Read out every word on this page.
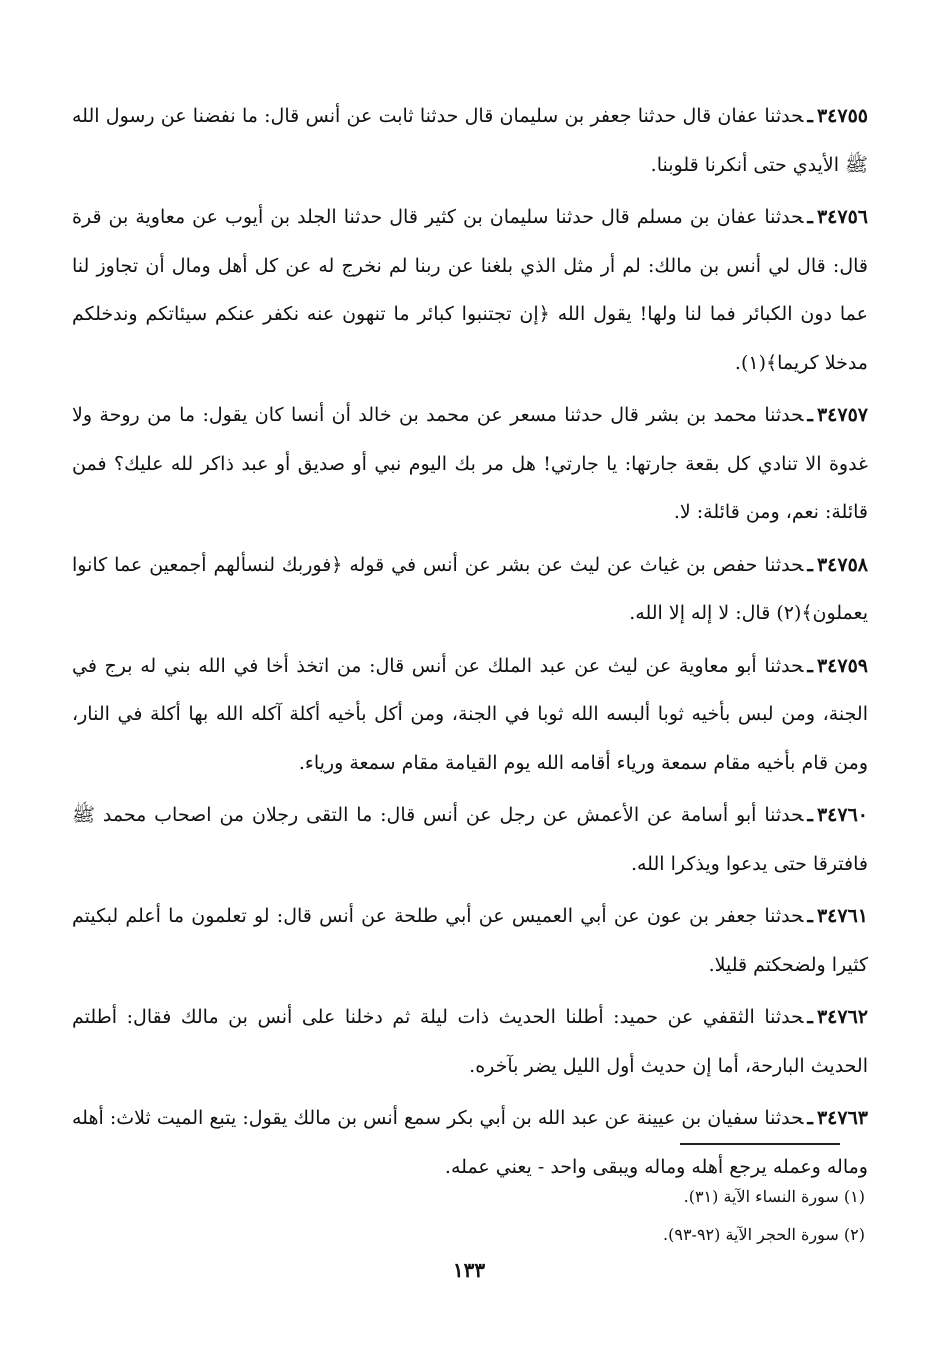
٣٤٧٥٥ـحدثنا عفان قال حدثنا جعفر بن سليمان قال حدثنا ثابت عن أنس قال: ما نفضنا عن رسول الله ﷺ الأيدي حتى أنكرنا قلوبنا.

٣٤٧٥٦ـحدثنا عفان بن مسلم قال حدثنا سليمان بن كثير قال حدثنا الجلد بن أيوب عن معاوية بن قرة قال: قال لي أنس بن مالك: لم أر مثل الذي بلغنا عن ربنا لم نخرج له عن كل أهل ومال أن تجاوز لنا عما دون الكبائر فما لنا ولها! يقول الله ﴿إن تجتنبوا كبائر ما تنهون عنه نكفر عنكم سيئاتكم وندخلكم مدخلا كريما﴾(١).

٣٤٧٥٧ـحدثنا محمد بن بشر قال حدثنا مسعر عن محمد بن خالد أن أنسا كان يقول: ما من روحة ولا غدوة الا تنادي كل بقعة جارتها: يا جارتي! هل مر بك اليوم نبي أو صديق أو عبد ذاكر لله عليك؟ فمن قائلة: نعم، ومن قائلة: لا.

٣٤٧٥٨ـحدثنا حفص بن غياث عن ليث عن بشر عن أنس في قوله ﴿فوربك لنسألهم أجمعين عما كانوا يعملون﴾(٢) قال: لا إله إلا الله.

٣٤٧٥٩ـحدثنا أبو معاوية عن ليث عن عبد الملك عن أنس قال: من اتخذ أخا في الله بني له برج في الجنة، ومن لبس بأخيه ثوبا ألبسه الله ثوبا في الجنة، ومن أكل بأخيه أكلة آكله الله بها أكلة في النار، ومن قام بأخيه مقام سمعة ورياء أقامه الله يوم القيامة مقام سمعة ورياء.

٣٤٧٦٠ـحدثنا أبو أسامة عن الأعمش عن رجل عن أنس قال: ما التقى رجلان من اصحاب محمد ﷺ فافترقا حتى يدعوا ويذكرا الله.

٣٤٧٦١ـحدثنا جعفر بن عون عن أبي العميس عن أبي طلحة عن أنس قال: لو تعلمون ما أعلم لبكيتم كثيرا ولضحكتم قليلا.

٣٤٧٦٢ـحدثنا الثقفي عن حميد: أطلنا الحديث ذات ليلة ثم دخلنا على أنس بن مالك فقال: أطلتم الحديث البارحة، أما إن حديث أول الليل يضر بآخره.

٣٤٧٦٣ـحدثنا سفيان بن عيينة عن عبد الله بن أبي بكر سمع أنس بن مالك يقول: يتبع الميت ثلاث: أهله وماله وعمله يرجع أهله وماله ويبقى واحد - يعني عمله.

(١) سورة النساء الآية (٣١).
(٢) سورة الحجر الآية (٩٢-٩٣).
١٣٣
